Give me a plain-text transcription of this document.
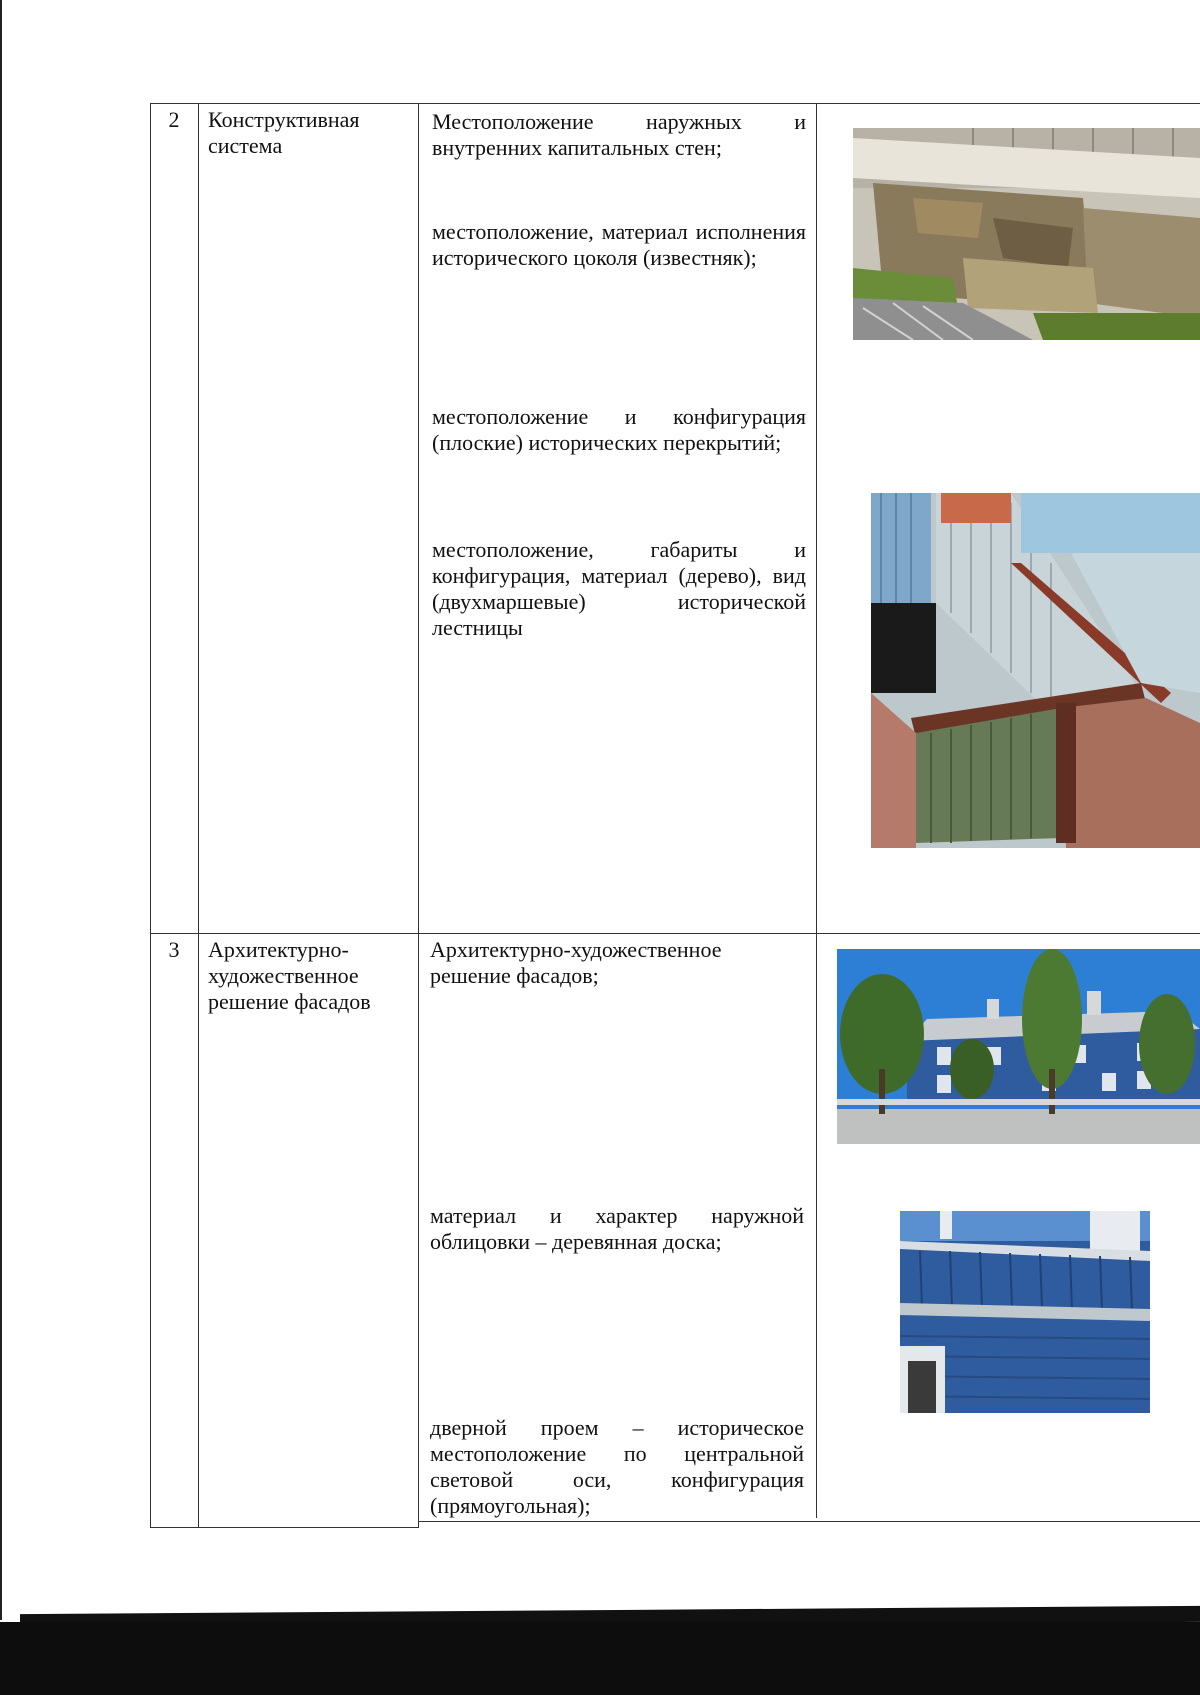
2	Конструктивная система
Местоположение наружных и внутренних капитальных стен;
местоположение, материал исполнения исторического цоколя (известняк);
местоположение и конфигурация (плоские) исторических перекрытий;
местоположение, габариты и конфигурация, материал (дерево), вид (двухмаршевые) исторической лестницы
3	Архитектурно-художественное решение фасадов
Архитектурно-художественное решение фасадов;
материал и характер наружной облицовки – деревянная доска;
дверной проем – историческое местоположение по центральной световой оси, конфигурация (прямоугольная);
